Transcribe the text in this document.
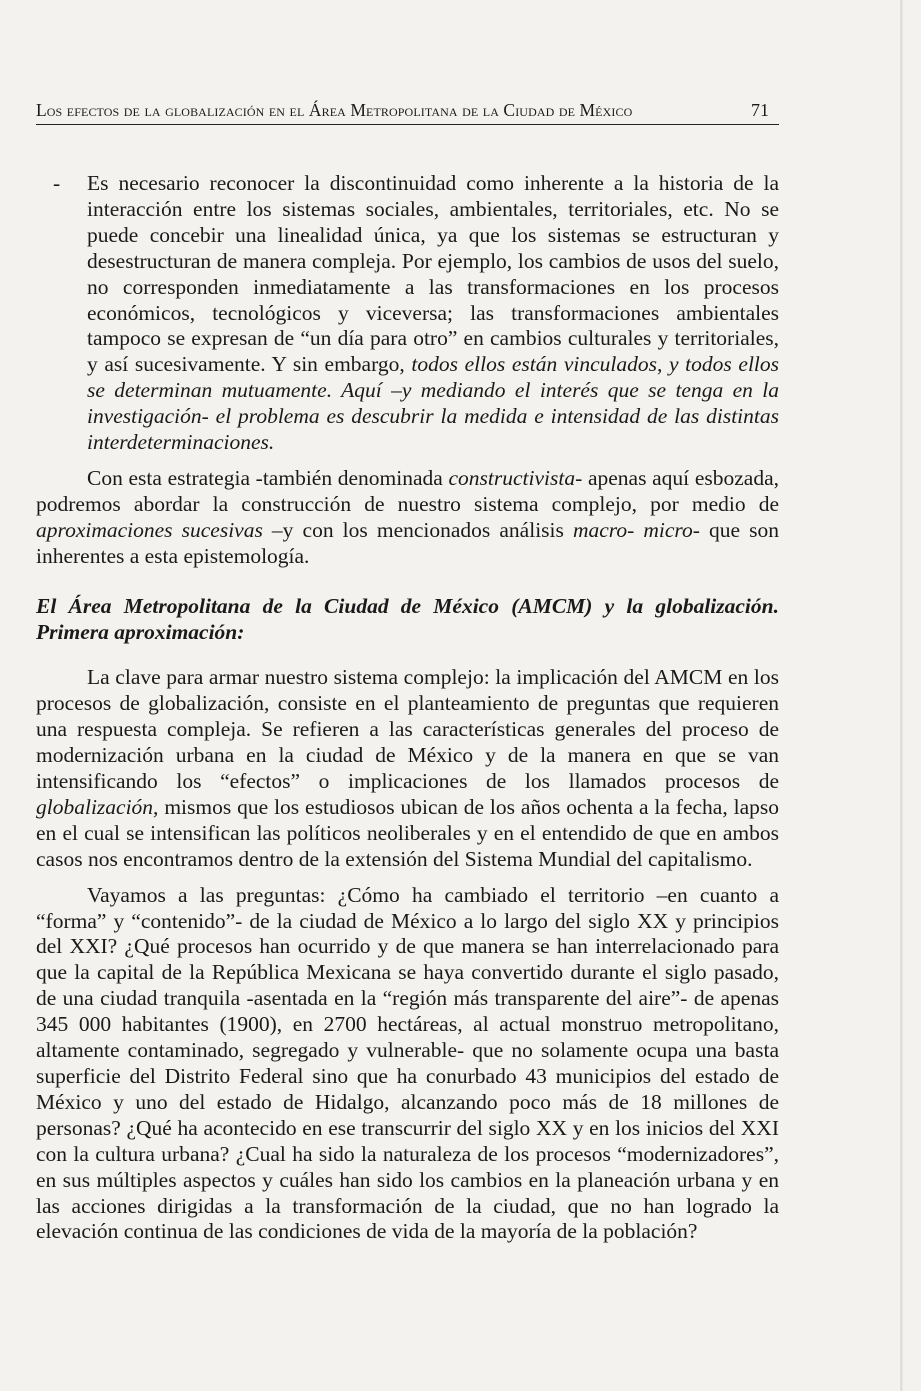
Los efectos de la globalización en el Área Metropolitana de la Ciudad de México	71

- Es necesario reconocer la discontinuidad como inherente a la historia de la interacción entre los sistemas sociales, ambientales, territoriales, etc. No se puede concebir una linealidad única, ya que los sistemas se estructuran y desestructuran de manera compleja. Por ejemplo, los cambios de usos del suelo, no corresponden inmediatamente a las transformaciones en los procesos económicos, tecnológicos y viceversa; las transformaciones ambientales tampoco se expresan de “un día para otro” en cambios culturales y territoriales, y así sucesivamente. Y sin embargo, todos ellos están vinculados, y todos ellos se determinan mutuamente. Aquí –y mediando el interés que se tenga en la investigación- el problema es descubrir la medida e intensidad de las distintas interdeterminaciones.

Con esta estrategia -también denominada constructivista- apenas aquí esbozada, podremos abordar la construcción de nuestro sistema complejo, por medio de aproximaciones sucesivas –y con los mencionados análisis macro- micro- que son inherentes a esta epistemología.

El Área Metropolitana de la Ciudad de México (AMCM) y la globalización. Primera aproximación:

La clave para armar nuestro sistema complejo: la implicación del AMCM en los procesos de globalización, consiste en el planteamiento de preguntas que requieren una respuesta compleja. Se refieren a las características generales del proceso de modernización urbana en la ciudad de México y de la manera en que se van intensificando los “efectos” o implicaciones de los llamados procesos de globalización, mismos que los estudiosos ubican de los años ochenta a la fecha, lapso en el cual se intensifican las políticos neoliberales y en el entendido de que en ambos casos nos encontramos dentro de la extensión del Sistema Mundial del capitalismo.

Vayamos a las preguntas: ¿Cómo ha cambiado el territorio –en cuanto a “forma” y “contenido”- de la ciudad de México a lo largo del siglo XX y principios del XXI? ¿Qué procesos han ocurrido y de que manera se han interrelacionado para que la capital de la República Mexicana se haya convertido durante el siglo pasado, de una ciudad tranquila -asentada en la “región más transparente del aire”- de apenas 345 000 habitantes (1900), en 2700 hectáreas, al actual monstruo metropolitano, altamente contaminado, segregado y vulnerable- que no solamente ocupa una basta superficie del Distrito Federal sino que ha conurbado 43 municipios del estado de México y uno del estado de Hidalgo, alcanzando poco más de 18 millones de personas? ¿Qué ha acontecido en ese transcurrir del siglo XX y en los inicios del XXI con la cultura urbana? ¿Cual ha sido la naturaleza de los procesos “modernizadores”, en sus múltiples aspectos y cuáles han sido los cambios en la planeación urbana y en las acciones dirigidas a la transformación de la ciudad, que no han logrado la elevación continua de las condiciones de vida de la mayoría de la población?
